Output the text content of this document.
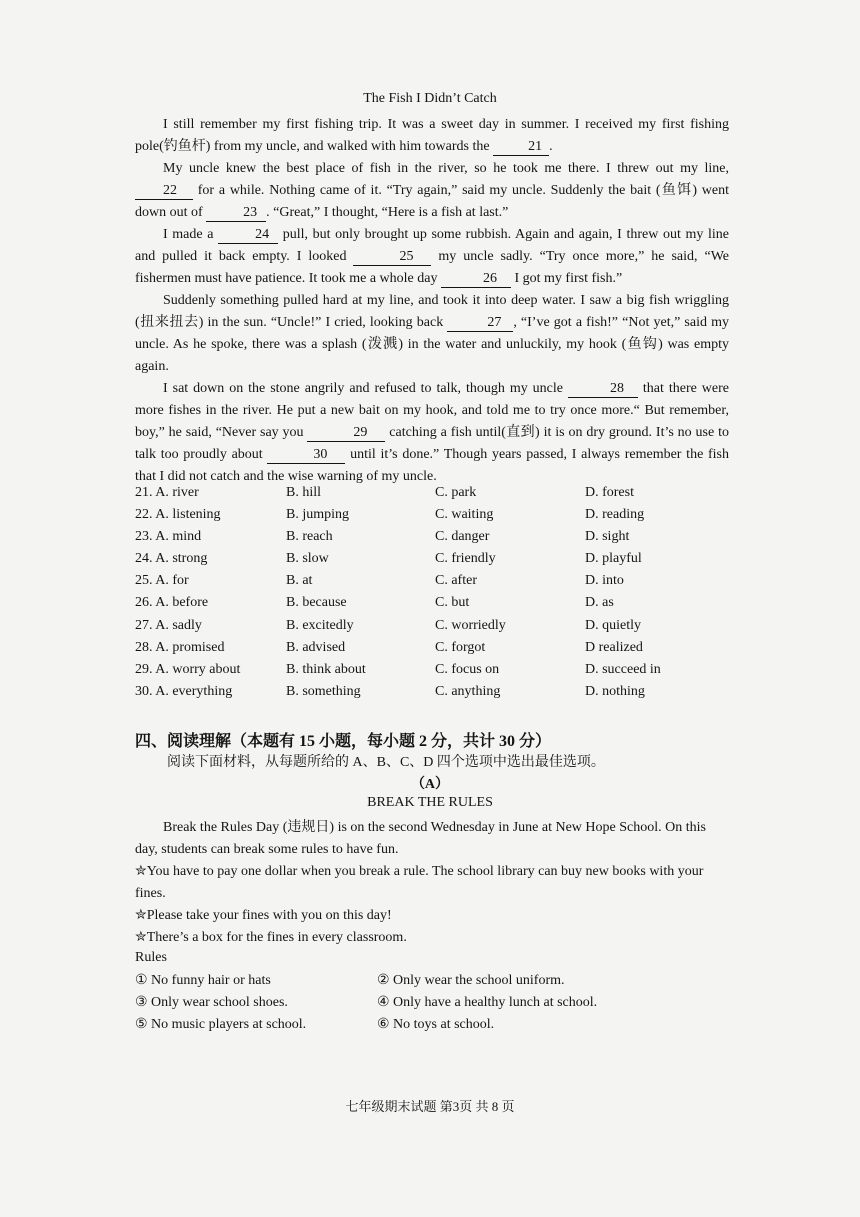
The Fish I Didn’t Catch

I still remember my first fishing trip. It was a sweet day in summer. I received my first fishing pole(钓鱼杆) from my uncle, and walked with him towards the	21 .

My uncle knew the best place of fish in the river, so he took me there. I threw out my line, 22 for a while. Nothing came of it. “Try again,” said my uncle. Suddenly the bait (鱼饵) went down out of	23 . “Great,” I thought, “Here is a fish at last.”

I made a	24 pull, but only brought up some rubbish. Again and again, I threw out my line and pulled it back empty. I looked	25 my uncle sadly. “Try once more,” he said, “We fishermen must have patience. It took me a whole day	26 I got my first fish.”

Suddenly something pulled hard at my line, and took it into deep water. I saw a big fish wriggling (扭来扭去) in the sun. “Uncle!” I cried, looking back	27 , “I’ve got a fish!” “Not yet,” said my uncle. As he spoke, there was a splash (泼溅) in the water and unluckily, my hook (鱼钩) was empty again.

I sat down on the stone angrily and refused to talk, though my uncle	28 that there were more fishes in the river. He put a new bait on my hook, and told me to try once more.“ But remember, boy,” he said, “Never say you	29 catching a fish until(直到) it is on dry ground. It’s no use to talk too proudly about	30 until it’s done.” Though years passed, I always remember the fish that I did not catch and the wise warning of my uncle.

21. A. river	B. hill	C. park	D. forest
22. A. listening	B. jumping	C. waiting	D. reading
23. A. mind	B. reach	C. danger	D. sight
24. A. strong	B. slow	C. friendly	D. playful
25. A. for	B. at	C. after	D. into
26. A. before	B. because	C. but	D. as
27. A. sadly	B. excitedly	C. worriedly	D. quietly
28. A. promised	B. advised	C. forgot	D realized
29. A. worry about	B. think about	C. focus on	D. succeed in
30. A. everything	B. something	C. anything	D. nothing
四、阅读理解（本题有 15 小题，每小题 2 分，共计 30 分）
阅读下面材料，从每题所给的 A、B、C、D 四个选项中选出最佳选项。
（A）
BREAK THE RULES

Break the Rules Day (违规日) is on the second Wednesday in June at New Hope School. On this day, students can break some rules to have fun.

✮You have to pay one dollar when you break a rule. The school library can buy new books with your fines.

✮Please take your fines with you on this day!

✮There’s a box for the fines in every classroom.

Rules
① No funny hair or hats	② Only wear the school uniform.
③ Only wear school shoes.	④ Only have a healthy lunch at school.
⑤ No music players at school.	⑥ No toys at school.
七年级期末试题 第3页 共 8 页
